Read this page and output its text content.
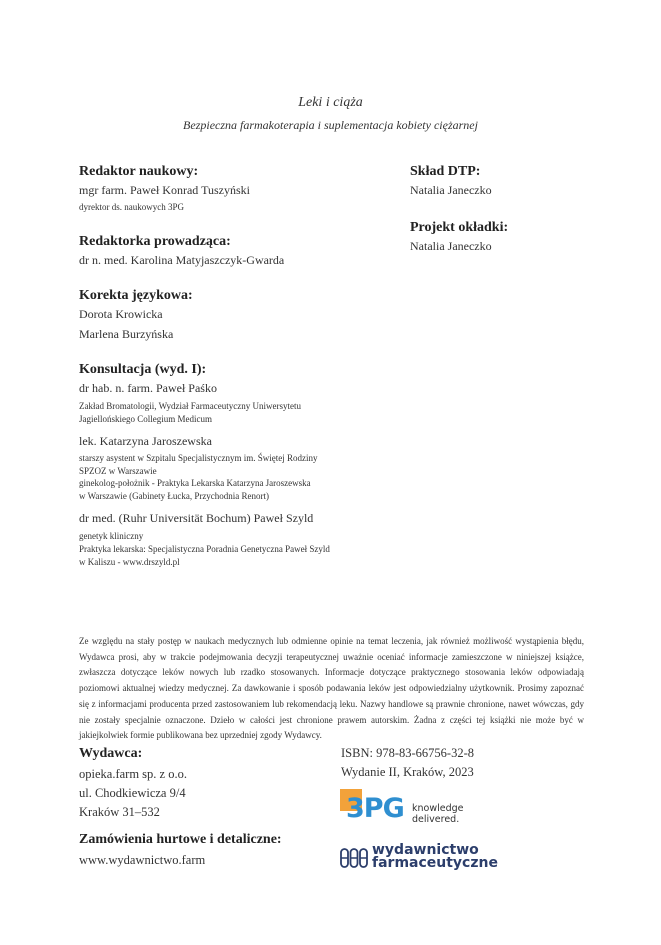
Leki i ciąża
Bezpieczna farmakoterapia i suplementacja kobiety ciężarnej
Redaktor naukowy:
mgr farm. Paweł Konrad Tuszyński
dyrektor ds. naukowych 3PG
Redaktorka prowadząca:
dr n. med. Karolina Matyjaszczyk-Gwarda
Korekta językowa:
Dorota Krowicka
Marlena Burzyńska
Konsultacja (wyd. I):
dr hab. n. farm. Paweł Paśko
Zakład Bromatologii, Wydział Farmaceutyczny Uniwersytetu
Jagiellońskiego Collegium Medicum
lek. Katarzyna Jaroszewska
starszy asystent w Szpitalu Specjalistycznym im. Świętej Rodziny
SPZOZ w Warszawie
ginekolog-położnik - Praktyka Lekarska Katarzyna Jaroszewska
w Warszawie (Gabinety Łucka, Przychodnia Renort)
dr med. (Ruhr Universität Bochum) Paweł Szyld
genetyk kliniczny
Praktyka lekarska: Specjalistyczna Poradnia Genetyczna Paweł Szyld
w Kaliszu - www.drszyld.pl
Skład DTP:
Natalia Janeczko
Projekt okładki:
Natalia Janeczko
Ze względu na stały postęp w naukach medycznych lub odmienne opinie na temat leczenia, jak również możliwość wystąpienia błędu, Wydawca prosi, aby w trakcie podejmowania decyzji terapeutycznej uważnie oceniać informacje zamieszczone w niniejszej książce, zwłaszcza dotyczące leków nowych lub rzadko stosowanych. Informacje dotyczące praktycznego stosowania leków odpowiadają poziomowi aktualnej wiedzy medycznej. Za dawkowanie i sposób podawania leków jest odpowiedzialny użytkownik. Prosimy zapoznać się z informacjami producenta przed zastosowaniem lub rekomendacją leku. Nazwy handlowe są prawnie chronione, nawet wówczas, gdy nie zostały specjalnie oznaczone. Dzieło w całości jest chronione prawem autorskim. Żadna z części tej książki nie może być w jakiejkolwiek formie publikowana bez uprzedniej zgody Wydawcy.
Wydawca:
opieka.farm sp. z o.o.
ul. Chodkiewicza 9/4
Kraków 31–532
Zamówienia hurtowe i detaliczne:
www.wydawnictwo.farm
ISBN: 978-83-66756-32-8
Wydanie II, Kraków, 2023
3PG knowledge
delivered.
wydawnictwo
farmaceutyczne
